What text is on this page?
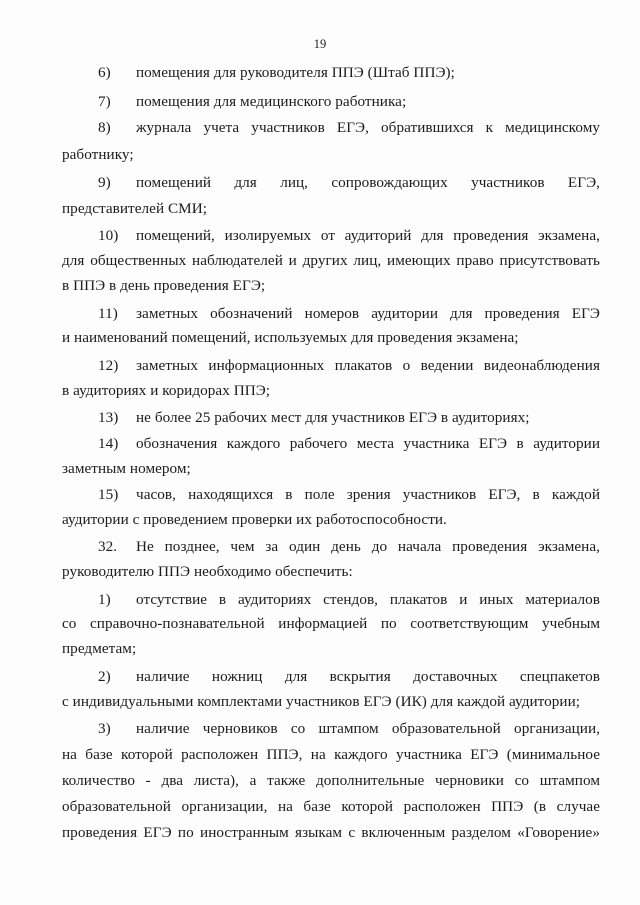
19
6) помещения для руководителя ППЭ (Штаб ППЭ);
7) помещения для медицинского работника;
8) журнала учета участников ЕГЭ, обратившихся к медицинскому
работнику;
9) помещений для лиц, сопровождающих участников ЕГЭ,
представителей СМИ;
10) помещений, изолируемых от аудиторий для проведения экзамена,
для общественных наблюдателей и других лиц, имеющих право присутствовать
в ППЭ в день проведения ЕГЭ;
11) заметных обозначений номеров аудитории для проведения ЕГЭ
и наименований помещений, используемых для проведения экзамена;
12) заметных информационных плакатов о ведении видеонаблюдения
в аудиториях и коридорах ППЭ;
13) не более 25 рабочих мест для участников ЕГЭ в аудиториях;
14) обозначения каждого рабочего места участника ЕГЭ в аудитории
заметным номером;
15) часов, находящихся в поле зрения участников ЕГЭ, в каждой
аудитории с проведением проверки их работоспособности.
32. Не позднее, чем за один день до начала проведения экзамена,
руководителю ППЭ необходимо обеспечить:
1) отсутствие в аудиториях стендов, плакатов и иных материалов
со справочно-познавательной информацией по соответствующим учебным
предметам;
2) наличие ножниц для вскрытия доставочных спецпакетов
с индивидуальными комплектами участников ЕГЭ (ИК) для каждой аудитории;
3) наличие черновиков со штампом образовательной организации,
на базе которой расположен ППЭ, на каждого участника ЕГЭ (минимальное
количество - два листа), а также дополнительные черновики со штампом
образовательной организации, на базе которой расположен ППЭ (в случае
проведения ЕГЭ по иностранным языкам с включенным разделом «Говорение»
